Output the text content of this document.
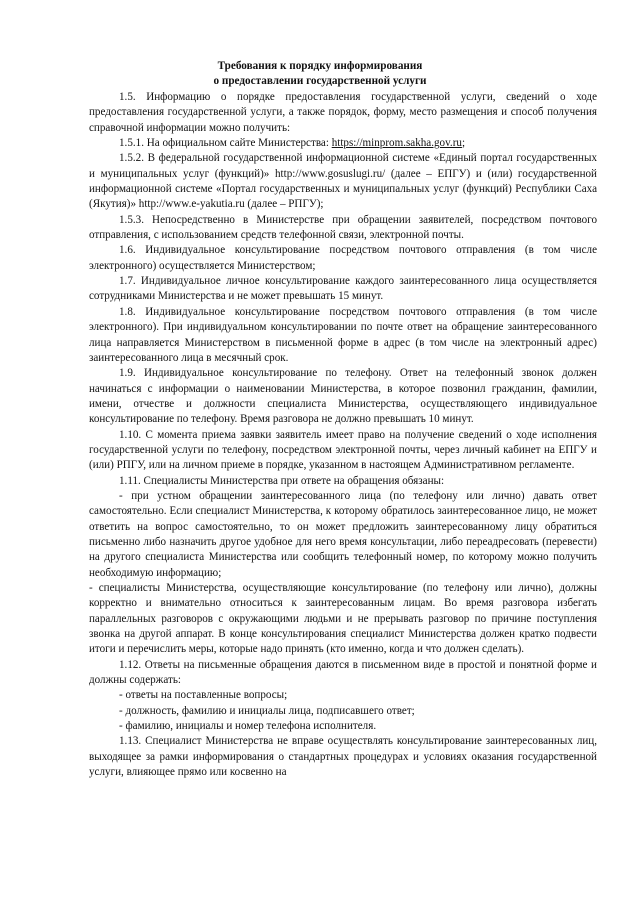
Требования к порядку информирования
о предоставлении государственной услуги

1.5. Информацию о порядке предоставления государственной услуги, сведений о ходе предоставления государственной услуги, а также порядок, форму, место размещения и способ получения справочной информации можно получить:

1.5.1. На официальном сайте Министерства: https://minprom.sakha.gov.ru;

1.5.2. В федеральной государственной информационной системе «Единый портал государственных и муниципальных услуг (функций)» http://www.gosuslugi.ru/ (далее – ЕПГУ) и (или) государственной информационной системе «Портал государственных и муниципальных услуг (функций) Республики Саха (Якутия)» http://www.e-yakutia.ru (далее – РПГУ);

1.5.3. Непосредственно в Министерстве при обращении заявителей, посредством почтового отправления, с использованием средств телефонной связи, электронной почты.

1.6. Индивидуальное консультирование посредством почтового отправления (в том числе электронного) осуществляется Министерством;

1.7. Индивидуальное личное консультирование каждого заинтересованного лица осуществляется сотрудниками Министерства и не может превышать 15 минут.

1.8. Индивидуальное консультирование посредством почтового отправления (в том числе электронного). При индивидуальном консультировании по почте ответ на обращение заинтересованного лица направляется Министерством в письменной форме в адрес (в том числе на электронный адрес) заинтересованного лица в месячный срок.

1.9. Индивидуальное консультирование по телефону. Ответ на телефонный звонок должен начинаться с информации о наименовании Министерства, в которое позвонил гражданин, фамилии, имени, отчестве и должности специалиста Министерства, осуществляющего индивидуальное консультирование по телефону. Время разговора не должно превышать 10 минут.

1.10. С момента приема заявки заявитель имеет право на получение сведений о ходе исполнения государственной услуги по телефону, посредством электронной почты, через личный кабинет на ЕПГУ и (или) РПГУ, или на личном приеме в порядке, указанном в настоящем Административном регламенте.

1.11. Специалисты Министерства при ответе на обращения обязаны:

- при устном обращении заинтересованного лица (по телефону или лично) давать ответ самостоятельно. Если специалист Министерства, к которому обратилось заинтересованное лицо, не может ответить на вопрос самостоятельно, то он может предложить заинтересованному лицу обратиться письменно либо назначить другое удобное для него время консультации, либо переадресовать (перевести) на другого специалиста Министерства или сообщить телефонный номер, по которому можно получить необходимую информацию;

- специалисты Министерства, осуществляющие консультирование (по телефону или лично), должны корректно и внимательно относиться к заинтересованным лицам. Во время разговора избегать параллельных разговоров с окружающими людьми и не прерывать разговор по причине поступления звонка на другой аппарат. В конце консультирования специалист Министерства должен кратко подвести итоги и перечислить меры, которые надо принять (кто именно, когда и что должен сделать).

1.12. Ответы на письменные обращения даются в письменном виде в простой и понятной форме и должны содержать:

- ответы на поставленные вопросы;

- должность, фамилию и инициалы лица, подписавшего ответ;

- фамилию, инициалы и номер телефона исполнителя.

1.13. Специалист Министерства не вправе осуществлять консультирование заинтересованных лиц, выходящее за рамки информирования о стандартных процедурах и условиях оказания государственной услуги, влияющее прямо или косвенно на
